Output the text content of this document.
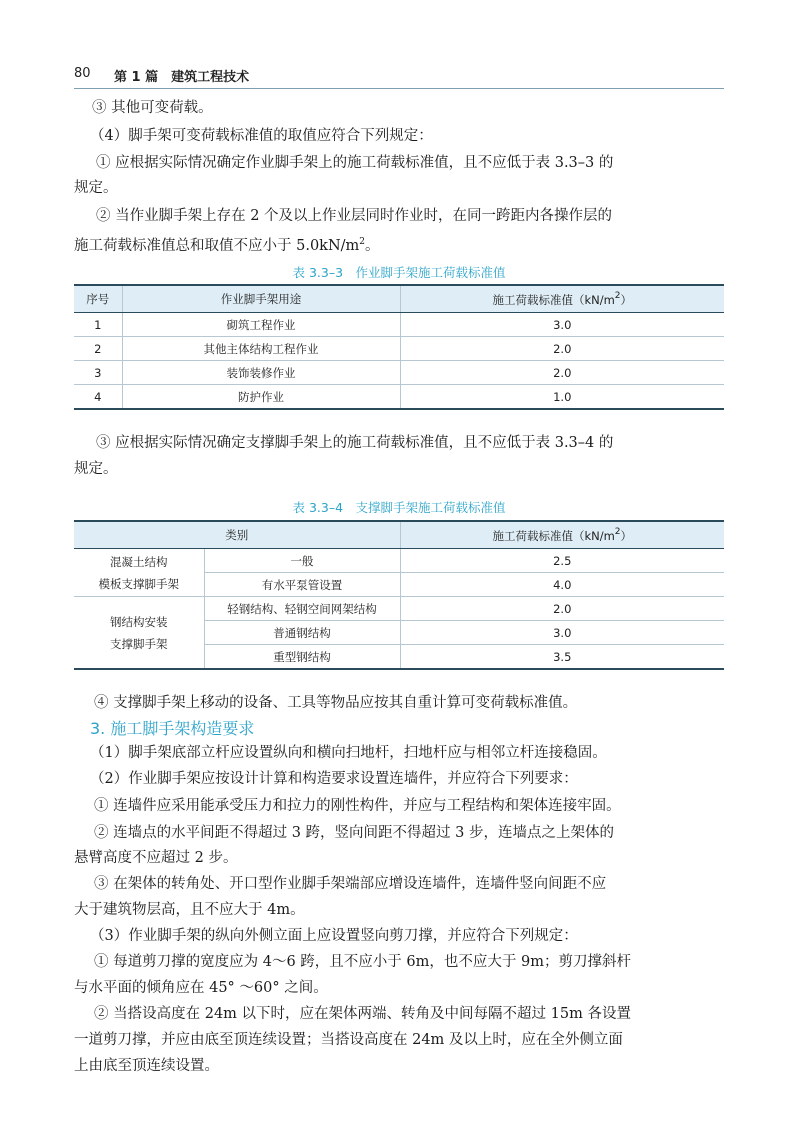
80 第 1 篇　建筑工程技术

③ 其他可变荷载。

（4）脚手架可变荷载标准值的取值应符合下列规定：

① 应根据实际情况确定作业脚手架上的施工荷载标准值，且不应低于表 3.3–3 的

规定。

② 当作业脚手架上存在 2 个及以上作业层同时作业时，在同一跨距内各操作层的

施工荷载标准值总和取值不应小于 $5.0kN/m^2$。

表 3.3–3　作业脚手架施工荷载标准值
序号	作业脚手架用途	施工荷载标准值$(kN/m^2)$
1	砌筑工程作业	3.0
2	其他主体结构工程作业	2.0
3	装饰装修作业	2.0
4	防护作业	1.0

③ 应根据实际情况确定支撑脚手架上的施工荷载标准值，且不应低于表 3.3–4 的

规定。

表 3.3–4　支撑脚手架施工荷载标准值
类别		施工荷载标准值$(kN/m^2)$
混凝土结构
模板支撑脚手架	一般	2.5
	有水平泵管设置	4.0
钢结构安装
支撑脚手架	轻钢结构、轻钢空间网架结构	2.0
	普通钢结构	3.0
	重型钢结构	3.5

④ 支撑脚手架上移动的设备、工具等物品应按其自重计算可变荷载标准值。

3. 施工脚手架构造要求

（1）脚手架底部立杆应设置纵向和横向扫地杆，扫地杆应与相邻立杆连接稳固。

（2）作业脚手架应按设计计算和构造要求设置连墙件，并应符合下列要求：

① 连墙件应采用能承受压力和拉力的刚性构件，并应与工程结构和架体连接牢固。

② 连墙点的水平间距不得超过 3 跨，竖向间距不得超过 3 步，连墙点之上架体的

悬臂高度不应超过 2 步。

③ 在架体的转角处、开口型作业脚手架端部应增设连墙件，连墙件竖向间距不应

大于建筑物层高，且不应大于 4m。

（3）作业脚手架的纵向外侧立面上应设置竖向剪刀撑，并应符合下列规定：

① 每道剪刀撑的宽度应为 4～6 跨，且不应小于 6m，也不应大于 9m；剪刀撑斜杆

与水平面的倾角应在 45° ～60° 之间。

② 当搭设高度在 24m 以下时，应在架体两端、转角及中间每隔不超过 15m 各设置

一道剪刀撑，并应由底至顶连续设置；当搭设高度在 24m 及以上时，应在全外侧立面

上由底至顶连续设置。
